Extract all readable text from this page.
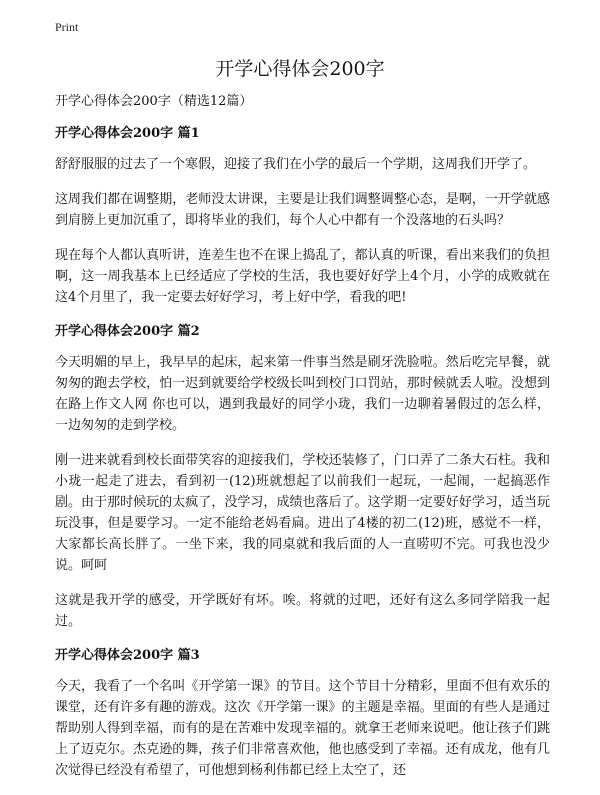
Print
开学心得体会200字

开学心得体会200字（精选12篇）

开学心得体会200字 篇1

舒舒服服的过去了一个寒假，迎接了我们在小学的最后一个学期，这周我们开学了。

这周我们都在调整期，老师没太讲课，主要是让我们调整调整心态，是啊，一开学就感到肩膀上更加沉重了，即将毕业的我们，每个人心中都有一个没落地的石头吗？

现在每个人都认真听讲，连差生也不在课上捣乱了，都认真的听课，看出来我们的负担啊，这一周我基本上已经适应了学校的生活，我也要好好学上4个月，小学的成败就在这4个月里了，我一定要去好好学习，考上好中学，看我的吧!

开学心得体会200字 篇2

今天明媚的早上，我早早的起床，起来第一件事当然是刷牙洗脸啦。然后吃完早餐，就匆匆的跑去学校，怕一迟到就要给学校级长叫到校门口罚站，那时候就丢人啦。没想到在路上作文人网 你也可以，遇到我最好的同学小珑，我们一边聊着暑假过的怎么样，一边匆匆的走到学校。

刚一进来就看到校长面带笑容的迎接我们，学校还装修了，门口弄了二条大石柱。我和小珑一起走了进去，看到初一(12)班就想起了以前我们一起玩，一起闹，一起搞恶作剧。由于那时候玩的太疯了，没学习，成绩也落后了。这学期一定要好好学习，适当玩玩没事，但是要学习。一定不能给老妈看扁。进出了4楼的初二(12)班，感觉不一样，大家都长高长胖了。一坐下来，我的同桌就和我后面的人一直唠叨不完。可我也没少说。呵呵

这就是我开学的感受，开学既好有坏。唉。将就的过吧，还好有这么多同学陪我一起过。

开学心得体会200字 篇3

今天，我看了一个名叫《开学第一课》的节目。这个节目十分精彩，里面不但有欢乐的课堂，还有许多有趣的游戏。这次《开学第一课》的主题是幸福。里面的有些人是通过帮助别人得到幸福，而有的是在苦难中发现幸福的。就拿王老师来说吧。他让孩子们跳上了迈克尔。杰克逊的舞，孩子们非常喜欢他，他也感受到了幸福。还有成龙，他有几次觉得已经没有希望了，可他想到杨利伟都已经上太空了，还
